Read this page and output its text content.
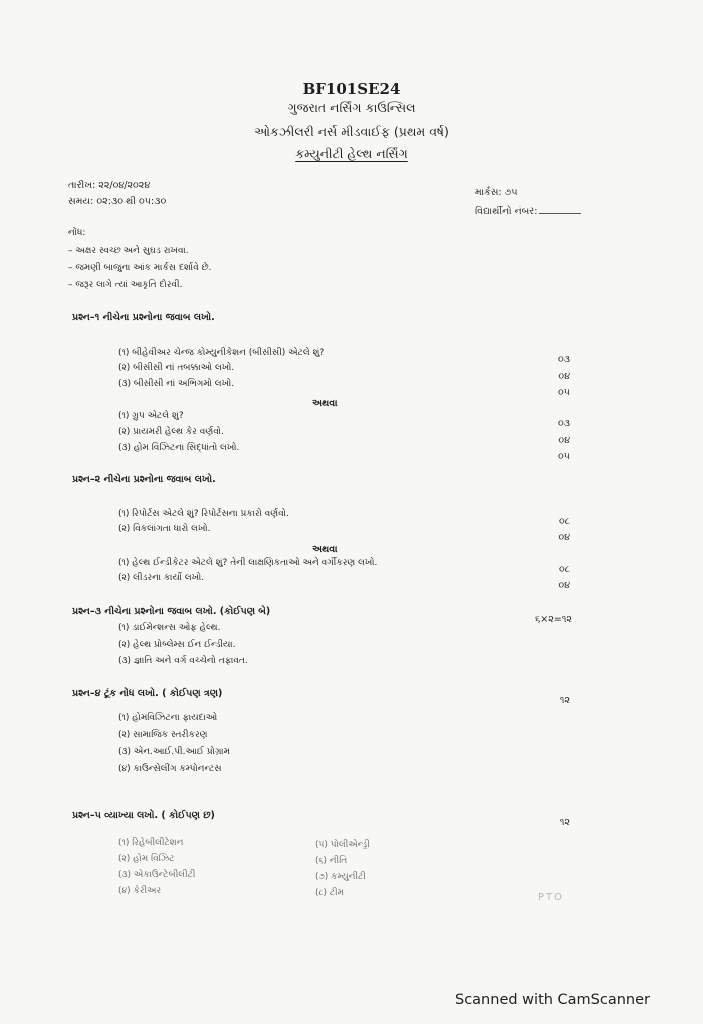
BF101SE24
ગુજરાત નર્સિંગ કાઉન્સિલ
ઓકઝીલરી નર્સ મીડવાઈફ (પ્રથમ વર્ષ)
કમ્યુનીટી હેલ્થ નર્સિંગ
તારીખ: ૨૨/૦૪/૨૦૨૪
સમય: ૦૨:૩૦ થી ૦૫:૩૦
માર્કસ: ૭૫
વિદ્યાર્થીનો નંબર:
નોંધ:
– અક્ષર સ્વચ્છ અને સુઘડ રાખવા.
– જમણી બાજુના આંક માર્કસ દર્શાવે છે.
– જરૂર લાગે ત્યાં આકૃતિ દોરવી.
પ્રશ્ન–૧ નીચેના પ્રશ્નોના જવાબ લખો.
(૧) બીહેવીઅર ચેન્જ કોમ્યુનીકેશન (બીસીસી) એટલે શું?
(૨) બીસીસી નાં તબક્કાઓ લખો.
(૩) બીસીસી નાં અભિગમો લખો.
૦૩
૦૪
૦૫
અથવા
(૧) ગ્રુપ એટલે શું?
(૨) પ્રાયમરી હેલ્થ કેર વર્ણવો.
(૩) હોમ વિઝિટના સિદ્ધાંતો લખો.
૦૩
૦૪
૦૫
પ્રશ્ન–૨ નીચેના પ્રશ્નોના જવાબ લખો.
(૧) રિપોર્ટસ એટલે શું? રિપોર્ટસના પ્રકારો વર્ણવો.
(૨) વિકલાંગતા ધારો લખો.
૦૮
૦૪
અથવા
(૧) હેલ્થ ઈન્ડીકેટર એટલે શું? તેની લાક્ષણિકતાઓ અને વર્ગીકરણ લખો.
(૨) લીડરના કાર્યો લખો.
૦૮
૦૪
પ્રશ્ન–૩ નીચેના પ્રશ્નોના જવાબ લખો. (કોઈપણ બે)
૬×૨=૧૨
(૧) ડાઈમેન્શન્સ ઓફ હેલ્થ.
(૨) હેલ્થ પ્રોબ્લેમ્સ ઈન ઈન્ડીયા.
(૩) જ્ઞાતિ અને વર્ગ વચ્ચેનો તફાવત.
પ્રશ્ન–૪ ટૂંક નોંધ લખો. ( કોઈપણ ત્રણ)
૧૨
(૧) હોમવિઝિટના ફાયદાઓ
(૨) સામાજિક સ્તરીકરણ
(૩) એન.આઈ.પી.આઈ પ્રોગ્રામ
(૪) કાઉન્સેલીંગ કમ્પોનન્ટસ
પ્રશ્ન–૫ વ્યાખ્યા લખો. ( કોઈપણ છ)
૧૨
(૧) રિહેબીલીટેશન
(૨) હોમ વિઝિટ
(૩) એકાઉન્ટેબીલીટી
(૪) કેરીઅર
(૫) પોલીએન્ડ્રી
(૬) નીતિ
(૭) કમ્યુનીટી
(૮) ટીમ	PTO
Scanned with CamScanner
